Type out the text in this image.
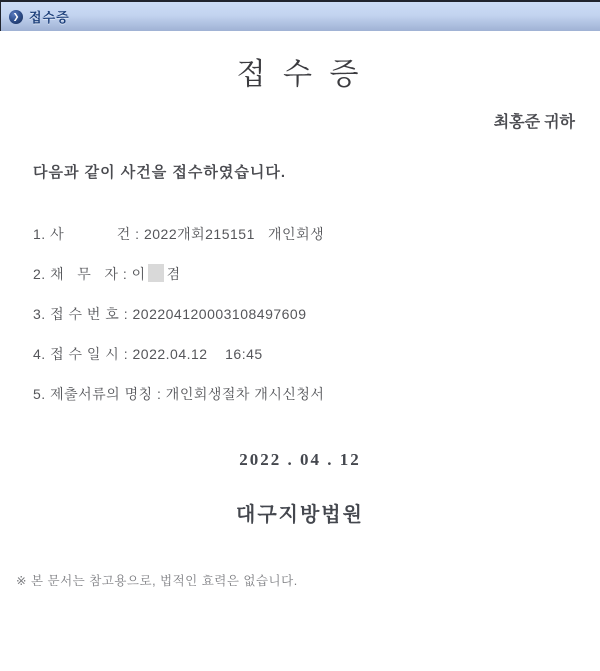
❯ 접수증
접 수 증
최홍준 귀하
다음과 같이 사건을 접수하였습니다.
1. 사            건 : 2022개회215151   개인회생
2. 채   무   자 : 이 겸
3. 접 수 번 호 : 202204120003108497609
4. 접 수 일 시 : 2022.04.12    16:45
5. 제출서류의 명칭 : 개인회생절차 개시신청서
2022 . 04 . 12
대구지방법원
※ 본 문서는 참고용으로, 법적인 효력은 없습니다.
